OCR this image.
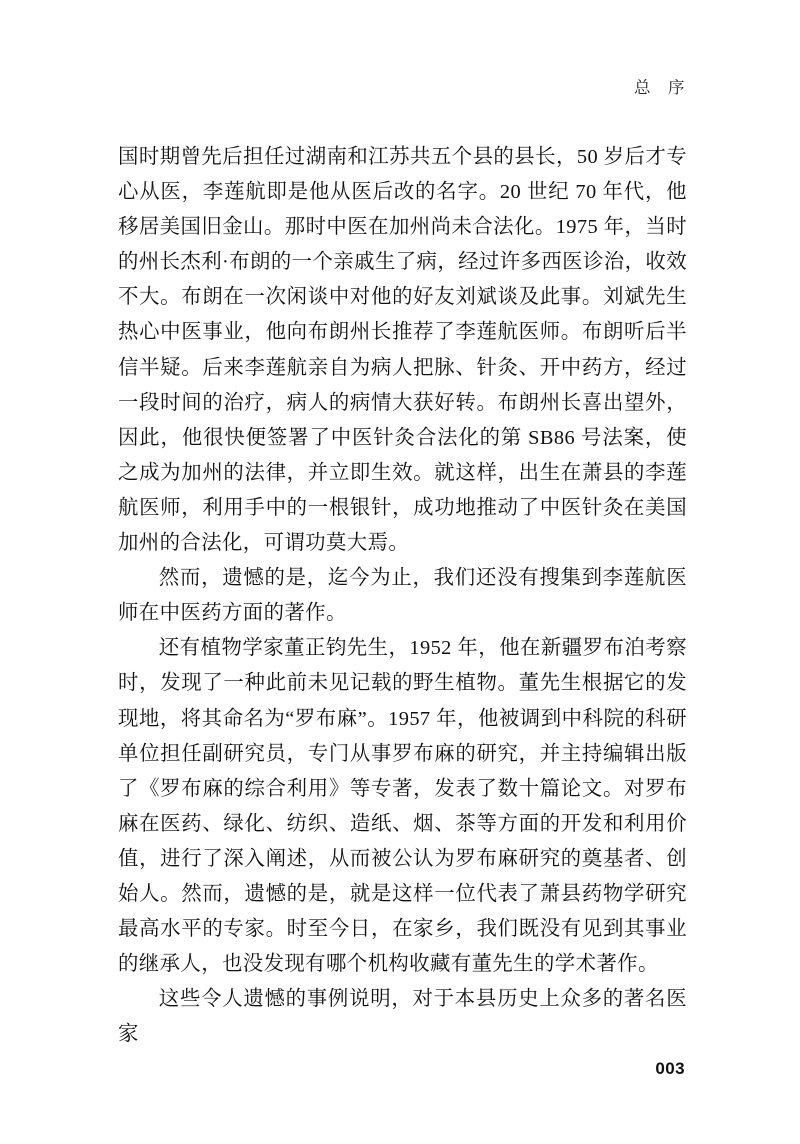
总　序

国时期曾先后担任过湖南和江苏共五个县的县长，50 岁后才专心从医，李莲航即是他从医后改的名字。20 世纪 70 年代，他移居美国旧金山。那时中医在加州尚未合法化。1975 年，当时的州长杰利·布朗的一个亲戚生了病，经过许多西医诊治，收效不大。布朗在一次闲谈中对他的好友刘斌谈及此事。刘斌先生热心中医事业，他向布朗州长推荐了李莲航医师。布朗听后半信半疑。后来李莲航亲自为病人把脉、针灸、开中药方，经过一段时间的治疗，病人的病情大获好转。布朗州长喜出望外，因此，他很快便签署了中医针灸合法化的第 SB86 号法案，使之成为加州的法律，并立即生效。就这样，出生在萧县的李莲航医师，利用手中的一根银针，成功地推动了中医针灸在美国加州的合法化，可谓功莫大焉。

然而，遗憾的是，迄今为止，我们还没有搜集到李莲航医师在中医药方面的著作。

还有植物学家董正钧先生，1952 年，他在新疆罗布泊考察时，发现了一种此前未见记载的野生植物。董先生根据它的发现地，将其命名为“罗布麻”。1957 年，他被调到中科院的科研单位担任副研究员，专门从事罗布麻的研究，并主持编辑出版了《罗布麻的综合利用》等专著，发表了数十篇论文。对罗布麻在医药、绿化、纺织、造纸、烟、茶等方面的开发和利用价值，进行了深入阐述，从而被公认为罗布麻研究的奠基者、创始人。然而，遗憾的是，就是这样一位代表了萧县药物学研究最高水平的专家。时至今日，在家乡，我们既没有见到其事业的继承人，也没发现有哪个机构收藏有董先生的学术著作。

这些令人遗憾的事例说明，对于本县历史上众多的著名医家

003
